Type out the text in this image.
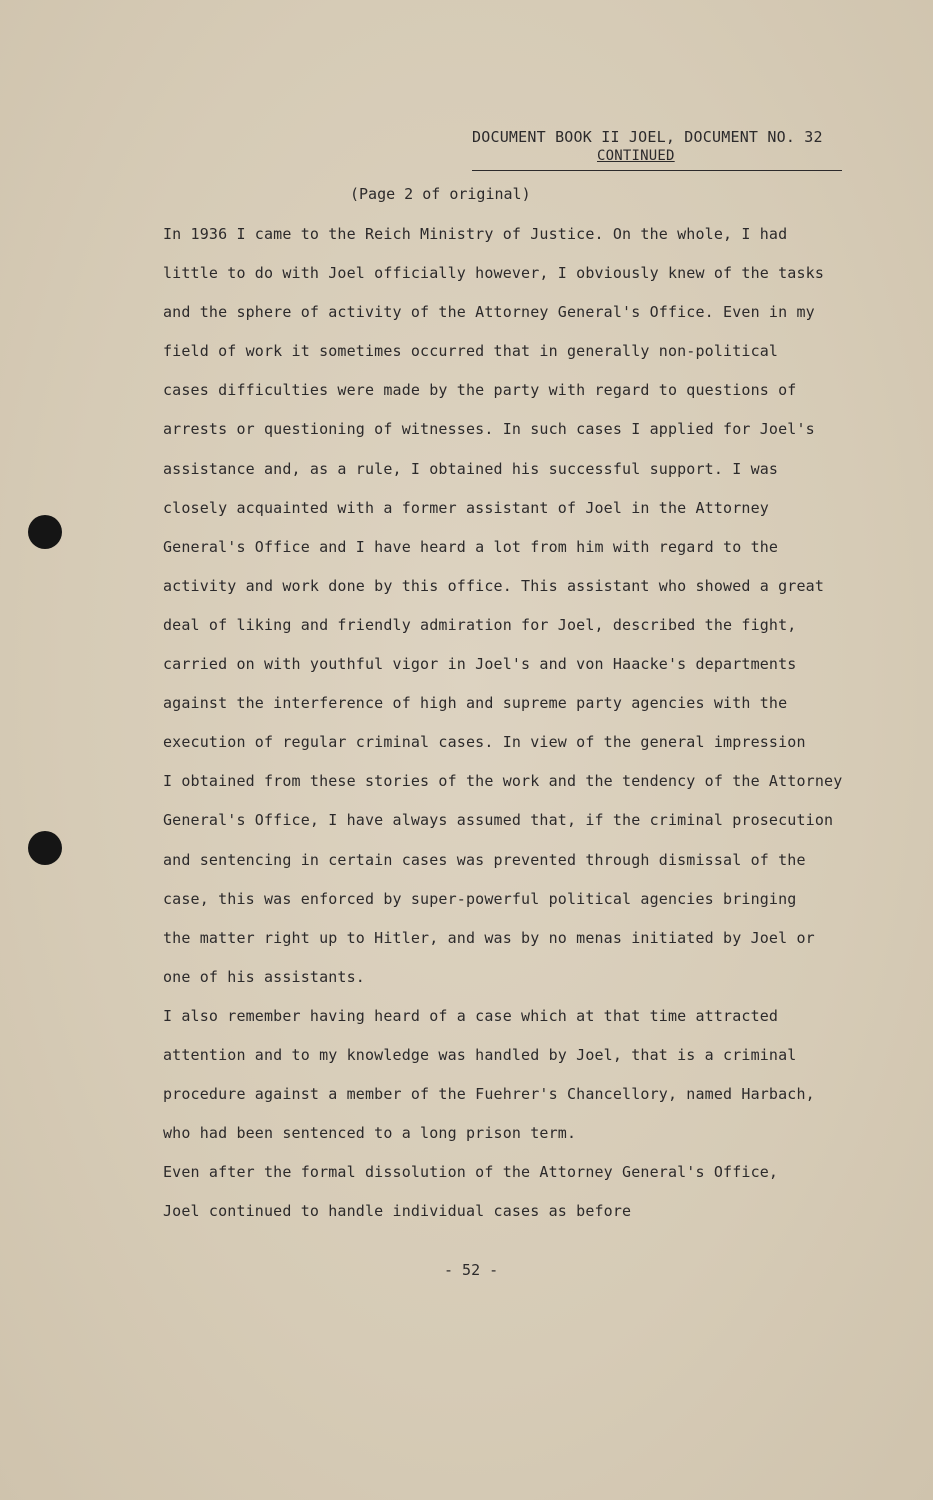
DOCUMENT BOOK II JOEL, DOCUMENT NO. 32
CONTINUED
(Page 2 of original)
In 1936 I came to the Reich Ministry of Justice. On the whole, I had
little to do with Joel officially however, I obviously knew of the tasks
and the sphere of activity of the Attorney General's Office. Even in my
field of work it sometimes occurred that in generally non-political
cases difficulties were made by the party with regard to questions of
arrests or questioning of witnesses. In such cases I applied for Joel's
assistance and, as a rule, I obtained his successful support. I was
closely acquainted with a former assistant of Joel in the Attorney
General's Office and I have heard a lot from him with regard to the
activity and work done by this office. This assistant who showed a great
deal of liking and friendly admiration for Joel, described the fight,
carried on with youthful vigor in Joel's and von Haacke's departments
against the interference of high and supreme party agencies with the
execution of regular criminal cases. In view of the general impression
I obtained from these stories of the work and the tendency of the Attorney
General's Office, I have always assumed that, if the criminal prosecution
and sentencing in certain cases was prevented through dismissal of the
case, this was enforced by super-powerful political agencies bringing
the matter right up to Hitler, and was by no menas initiated by Joel or
one of his assistants.
I also remember having heard of a case which at that time attracted
attention and to my knowledge was handled by Joel, that is a criminal
procedure against a member of the Fuehrer's Chancellory, named Harbach,
who had been sentenced to a long prison term.
Even after the formal dissolution of the Attorney General's Office,
Joel continued to handle individual cases as before
- 52 -
